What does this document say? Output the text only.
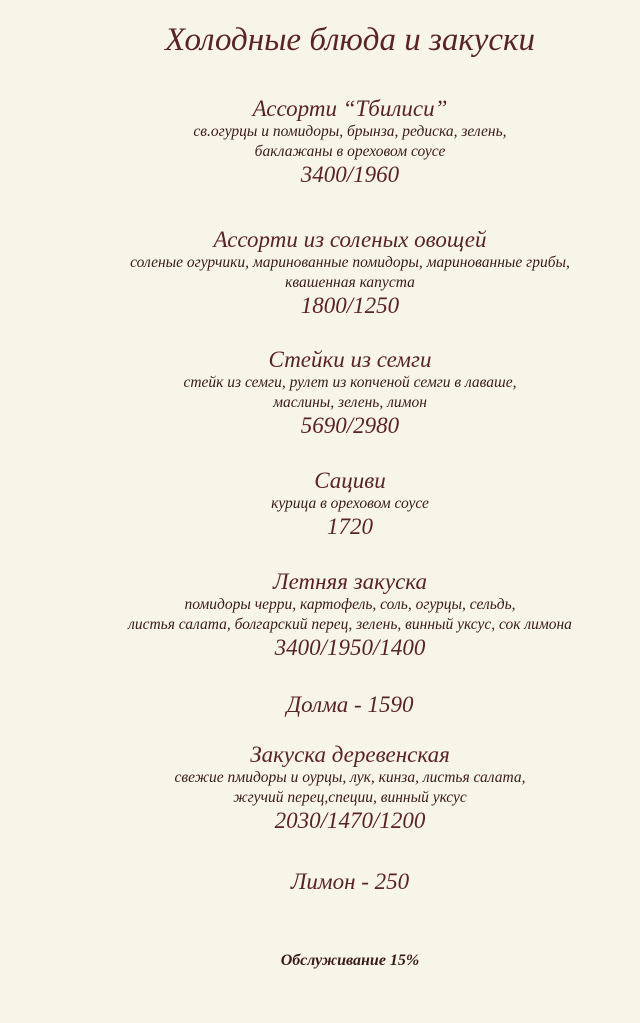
Холодные блюда и закуски
Ассорти “Тбилиси”
св.огурцы и помидоры, брынза, редиска, зелень,
баклажаны в ореховом соусе
3400/1960
Ассорти из соленых овощей
соленые огурчики, маринованные помидоры, маринованные грибы,
квашенная капуста
1800/1250
Стейки из семги
стейк из семги, рулет из копченой семги в лаваше,
маслины, зелень, лимон
5690/2980
Сациви
курица в ореховом соусе
1720
Летняя закуска
помидоры черри, картофель, соль, огурцы, сельдь,
листья салата, болгарский перец, зелень, винный уксус, сок лимона
3400/1950/1400
Долма - 1590
Закуска деревенская
свежие пмидоры и оурцы, лук, кинза, листья салата,
жгучий перец,специи, винный уксус
2030/1470/1200
Лимон - 250
Обслуживание 15%
